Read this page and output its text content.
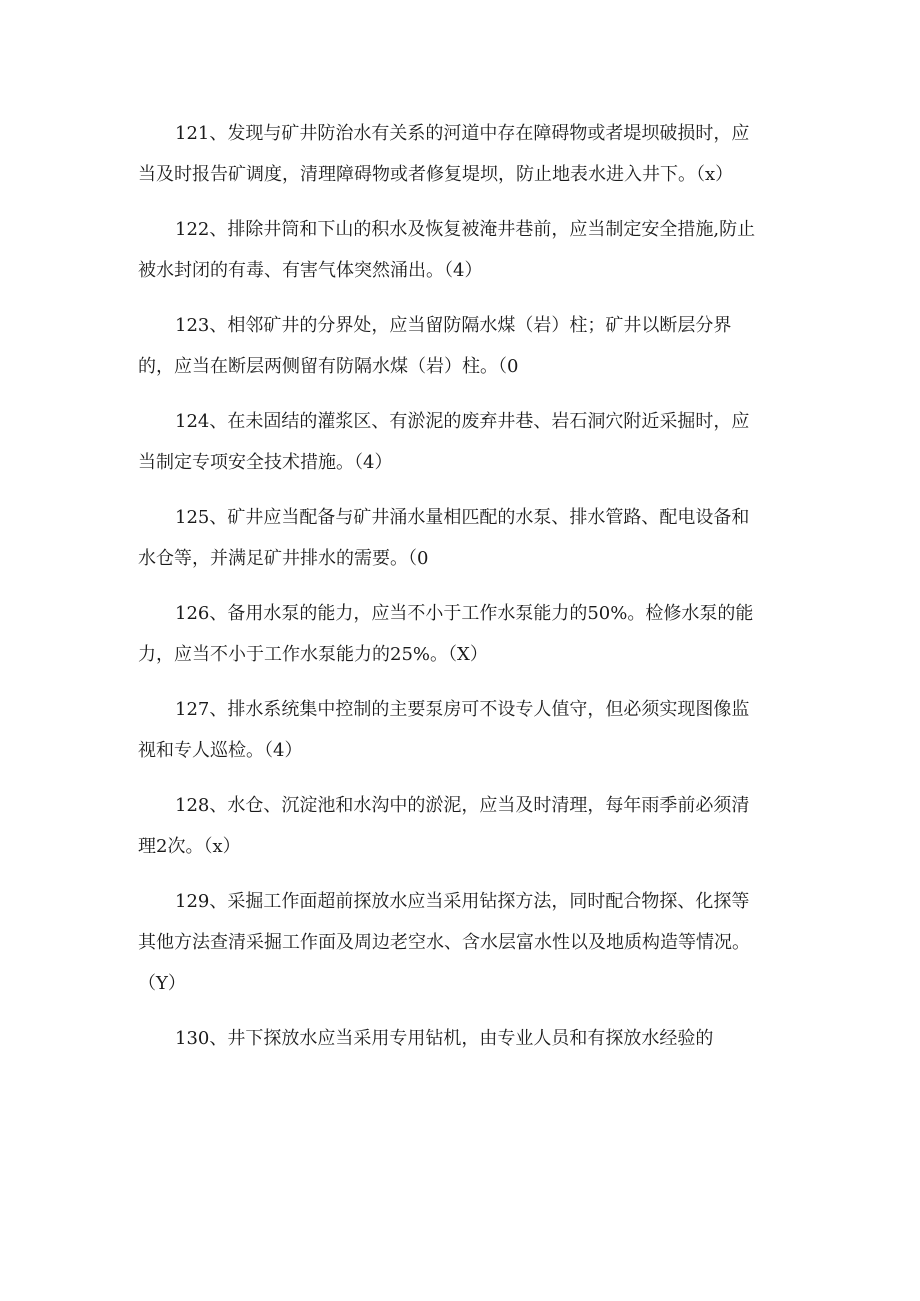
121、发现与矿井防治水有关系的河道中存在障碍物或者堤坝破损时，应
当及时报告矿调度，清理障碍物或者修复堤坝，防止地表水进入井下。（x）
122、排除井筒和下山的积水及恢复被淹井巷前，应当制定安全措施,防止
被水封闭的有毒、有害气体突然涌出。（4）
123、相邻矿井的分界处，应当留防隔水煤（岩）柱；矿井以断层分界
的，应当在断层两侧留有防隔水煤（岩）柱。（0
124、在未固结的灌浆区、有淤泥的废弃井巷、岩石洞穴附近采掘时，应
当制定专项安全技术措施。（4）
125、矿井应当配备与矿井涌水量相匹配的水泵、排水管路、配电设备和
水仓等，并满足矿井排水的需要。（0
126、备用水泵的能力，应当不小于工作水泵能力的50%。检修水泵的能
力，应当不小于工作水泵能力的25%。（X）
127、排水系统集中控制的主要泵房可不设专人值守，但必须实现图像监
视和专人巡检。（4）
128、水仓、沉淀池和水沟中的淤泥，应当及时清理，每年雨季前必须清
理2次。（x）
129、采掘工作面超前探放水应当采用钻探方法，同时配合物探、化探等
其他方法查清采掘工作面及周边老空水、含水层富水性以及地质构造等情况。
（Y）
130、井下探放水应当采用专用钻机，由专业人员和有探放水经验的
